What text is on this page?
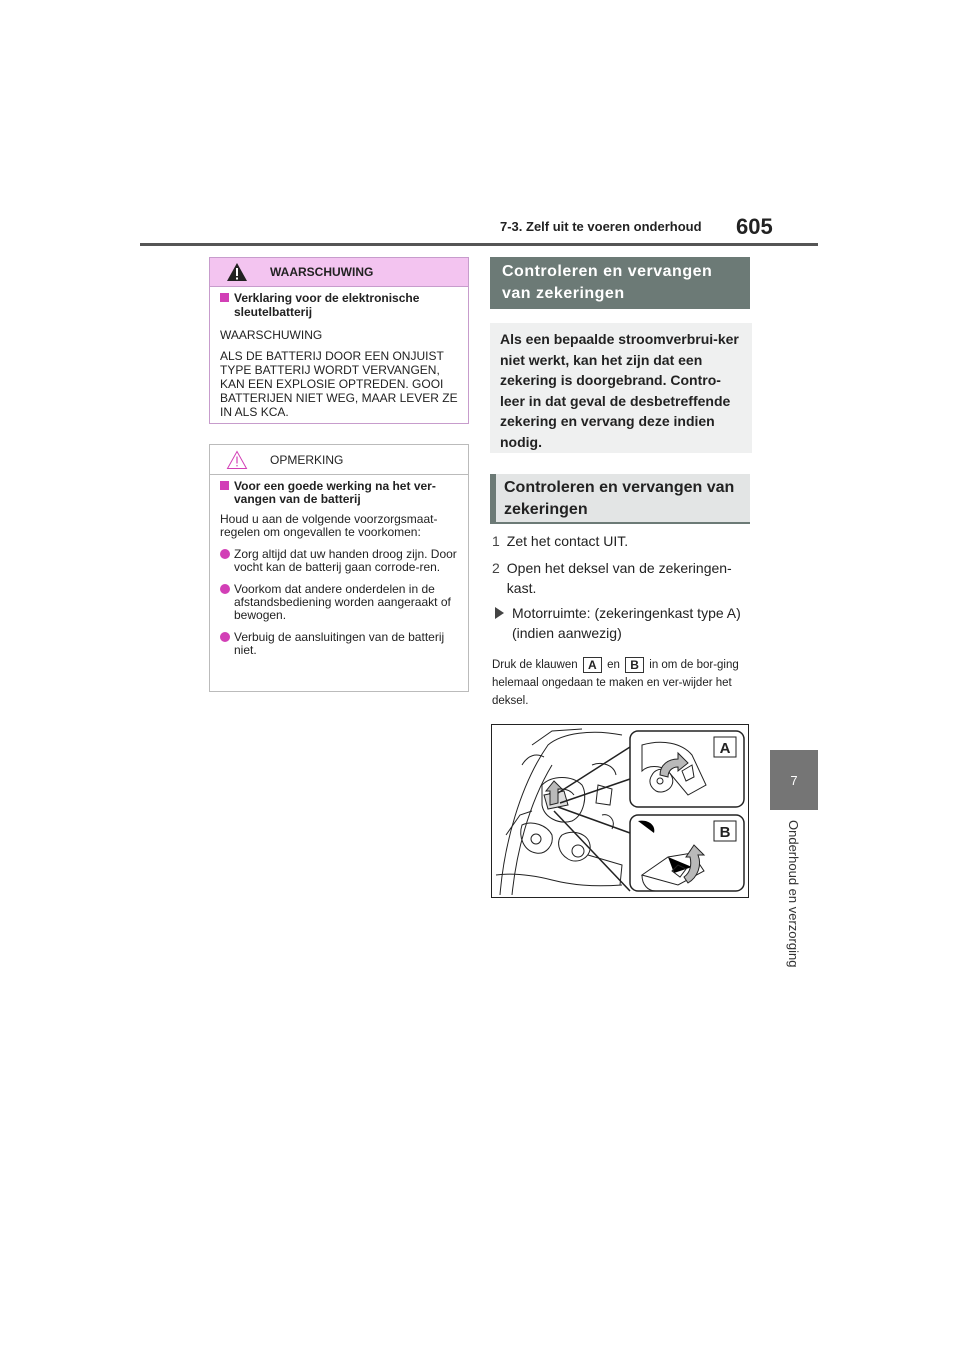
7-3. Zelf uit te voeren onderhoud 605
7
Onderhoud en verzorging
WAARSCHUWING
Verklaring voor de elektronische sleutelbatterij
WAARSCHUWING
ALS DE BATTERIJ DOOR EEN ONJUIST TYPE BATTERIJ WORDT VERVANGEN, KAN EEN EXPLOSIE OPTREDEN. GOOI BATTERIJEN NIET WEG, MAAR LEVER ZE IN ALS KCA.
OPMERKING
Voor een goede werking na het ver-vangen van de batterij
Houd u aan de volgende voorzorgsmaat-regelen om ongevallen te voorkomen:
Zorg altijd dat uw handen droog zijn. Door vocht kan de batterij gaan corrode-ren.
Voorkom dat andere onderdelen in de afstandsbediening worden aangeraakt of bewogen.
Verbuig de aansluitingen van de batterij niet.
Controleren en vervangen van zekeringen
Als een bepaalde stroomverbrui-ker niet werkt, kan het zijn dat een zekering is doorgebrand. Contro-leer in dat geval de desbetreffende zekering en vervang deze indien nodig.
Controleren en vervangen van zekeringen
1 Zet het contact UIT.
2 Open het deksel van de zekeringen-kast.
Motorruimte: (zekeringenkast type A) (indien aanwezig)
Druk de klauwen A en B in om de bor-ging helemaal ongedaan te maken en ver-wijder het deksel.
A
B
